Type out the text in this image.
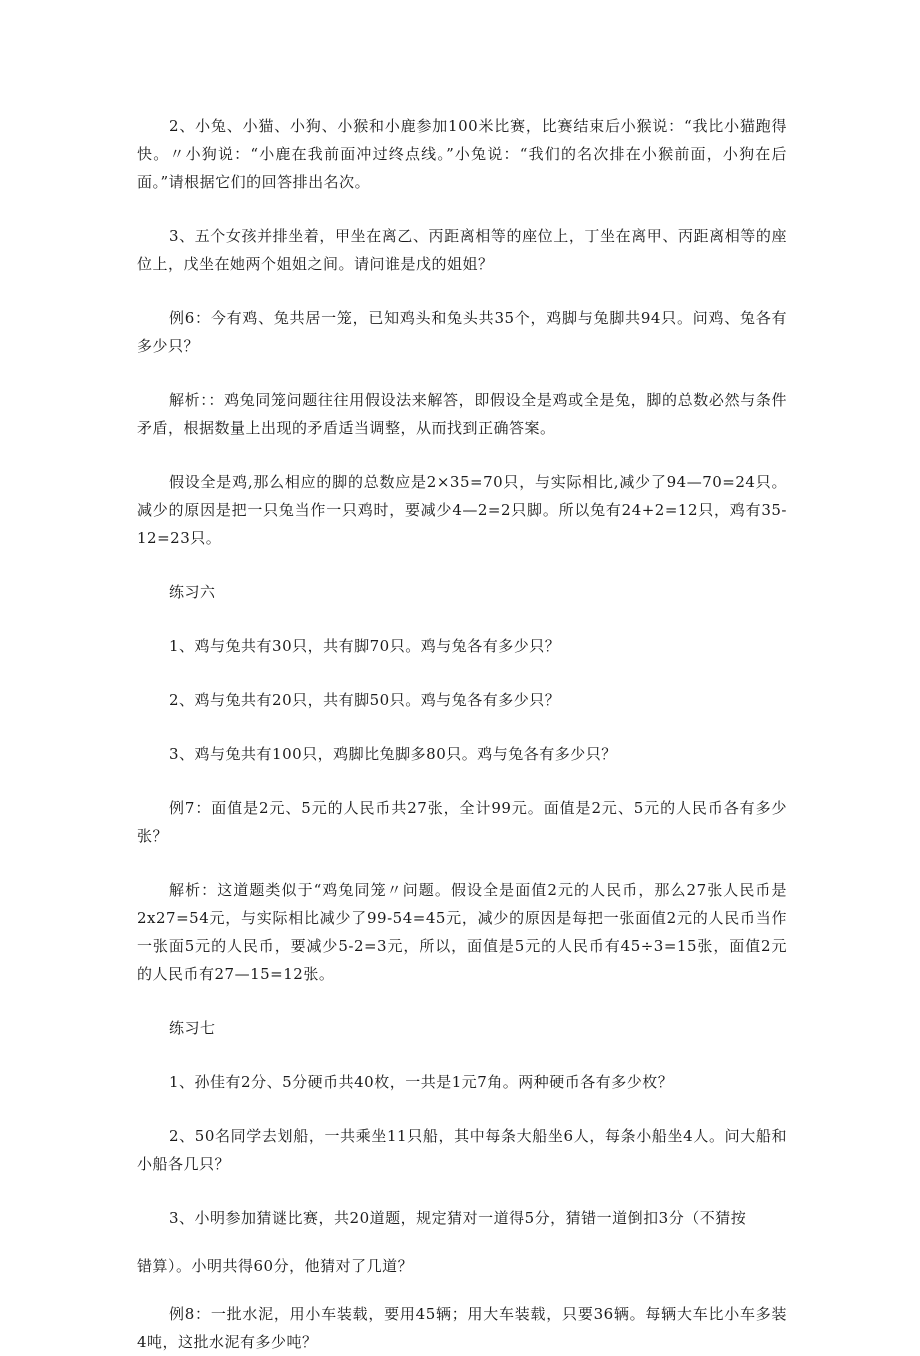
2、小兔、小猫、小狗、小猴和小鹿参加100米比赛，比赛结束后小猴说：“我比小猫跑得快。〃小狗说：“小鹿在我前面冲过终点线。”小兔说：“我们的名次排在小猴前面，小狗在后面。”请根据它们的回答排出名次。

3、五个女孩并排坐着，甲坐在离乙、丙距离相等的座位上，丁坐在离甲、丙距离相等的座位上，戊坐在她两个姐姐之间。请问谁是戊的姐姐？

例6：今有鸡、兔共居一笼，已知鸡头和兔头共35个，鸡脚与兔脚共94只。问鸡、兔各有多少只？

解析：：鸡兔同笼问题往往用假设法来解答，即假设全是鸡或全是兔，脚的总数必然与条件矛盾，根据数量上出现的矛盾适当调整，从而找到正确答案。

假设全是鸡,那么相应的脚的总数应是2×35=70只，与实际相比,减少了94—70=24只。减少的原因是把一只兔当作一只鸡时，要减少4—2=2只脚。所以兔有24+2=12只，鸡有35-12=23只。

练习六

1、鸡与兔共有30只，共有脚70只。鸡与兔各有多少只？

2、鸡与兔共有20只，共有脚50只。鸡与兔各有多少只？

3、鸡与兔共有100只，鸡脚比兔脚多80只。鸡与兔各有多少只？

例7：面值是2元、5元的人民币共27张，全计99元。面值是2元、5元的人民币各有多少张？

解析：这道题类似于“鸡兔同笼〃问题。假设全是面值2元的人民币，那么27张人民币是2x27=54元，与实际相比减少了99-54=45元，减少的原因是每把一张面值2元的人民币当作一张面5元的人民币，要减少5-2=3元，所以，面值是5元的人民币有45÷3=15张，面值2元的人民币有27—15=12张。

练习七

1、孙佳有2分、5分硬币共40枚，一共是1元7角。两种硬币各有多少枚？

2、50名同学去划船，一共乘坐11只船，其中每条大船坐6人，每条小船坐4人。问大船和小船各几只？

3、小明参加猜谜比赛，共20道题，规定猜对一道得5分，猜错一道倒扣3分（不猜按

错算）。小明共得60分，他猜对了几道？

例8：一批水泥，用小车装载，要用45辆；用大车装载，只要36辆。每辆大车比小车多装4吨，这批水泥有多少吨？
